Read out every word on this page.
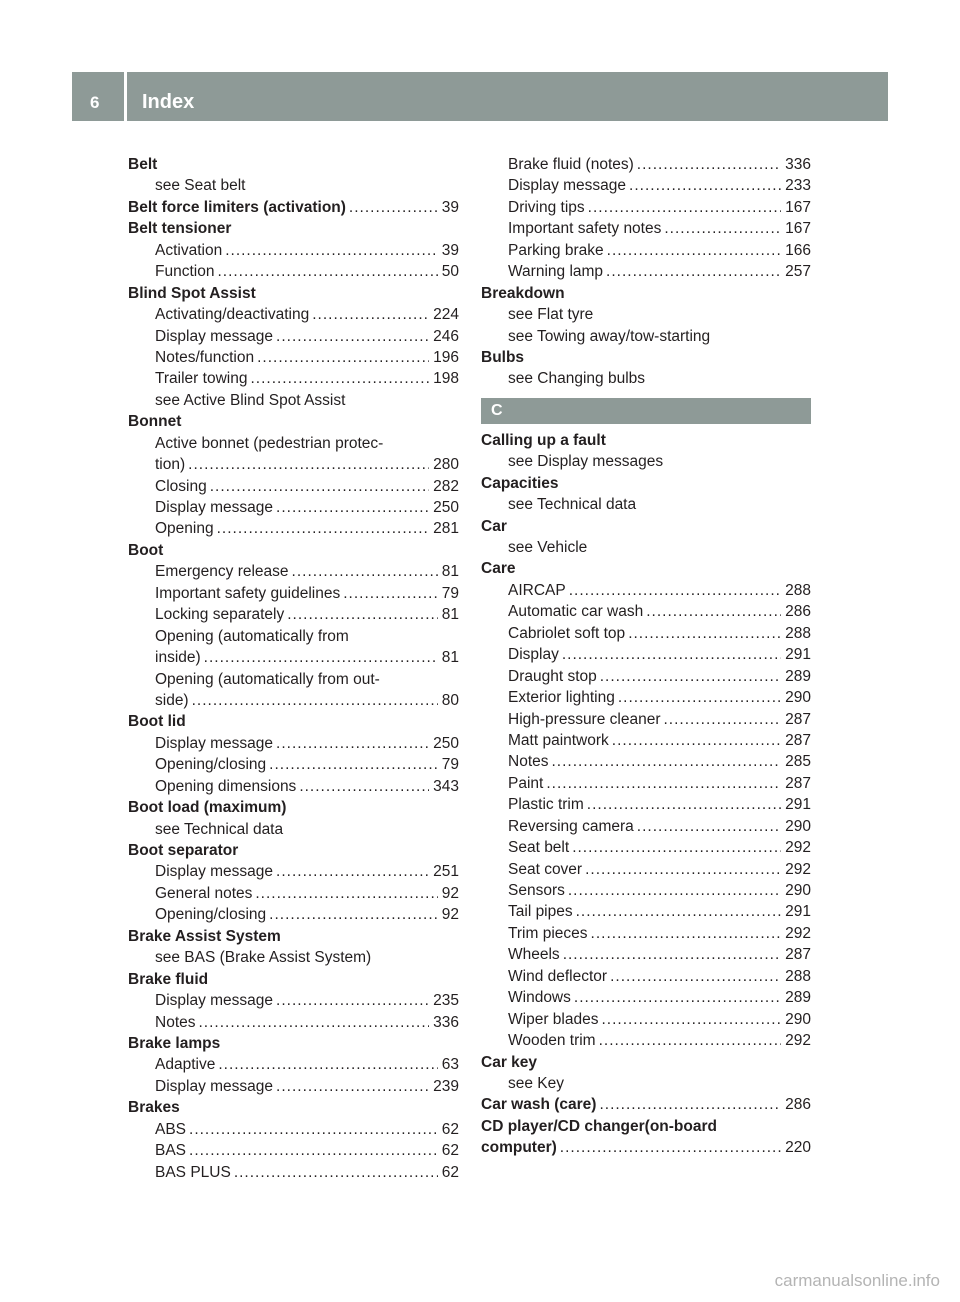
6 Index
Belt
see Seat belt
Belt force limiters (activation) .....	39
Belt tensioner
Activation .....	39
Function .....	50
Blind Spot Assist
Activating/deactivating .....	224
Display message .....	246
Notes/function .....	196
Trailer towing .....	198
see Active Blind Spot Assist
Bonnet
Active bonnet (pedestrian protec-
tion) .....	280
Closing .....	282
Display message .....	250
Opening .....	281
Boot
Emergency release .....	81
Important safety guidelines .....	79
Locking separately .....	81
Opening (automatically from
inside) .....	81
Opening (automatically from out-
side) .....	80
Boot lid
Display message .....	250
Opening/closing .....	79
Opening dimensions .....	343
Boot load (maximum)
see Technical data
Boot separator
Display message .....	251
General notes .....	92
Opening/closing .....	92
Brake Assist System
see BAS (Brake Assist System)
Brake fluid
Display message .....	235
Notes .....	336
Brake lamps
Adaptive .....	63
Display message .....	239
Brakes
ABS .....	62
BAS .....	62
BAS PLUS .....	62
Brake fluid (notes) .....	336
Display message .....	233
Driving tips .....	167
Important safety notes .....	167
Parking brake .....	166
Warning lamp .....	257
Breakdown
see Flat tyre
see Towing away/tow-starting
Bulbs
see Changing bulbs
C
Calling up a fault
see Display messages
Capacities
see Technical data
Car
see Vehicle
Care
AIRCAP .....	288
Automatic car wash .....	286
Cabriolet soft top .....	288
Display .....	291
Draught stop .....	289
Exterior lighting .....	290
High-pressure cleaner .....	287
Matt paintwork .....	287
Notes .....	285
Paint .....	287
Plastic trim .....	291
Reversing camera .....	290
Seat belt .....	292
Seat cover .....	292
Sensors .....	290
Tail pipes .....	291
Trim pieces .....	292
Wheels .....	287
Wind deflector .....	288
Windows .....	289
Wiper blades .....	290
Wooden trim .....	292
Car key
see Key
Car wash (care) .....	286
CD player/CD changer(on-board
computer) .....	220
carmanualsonline.info
